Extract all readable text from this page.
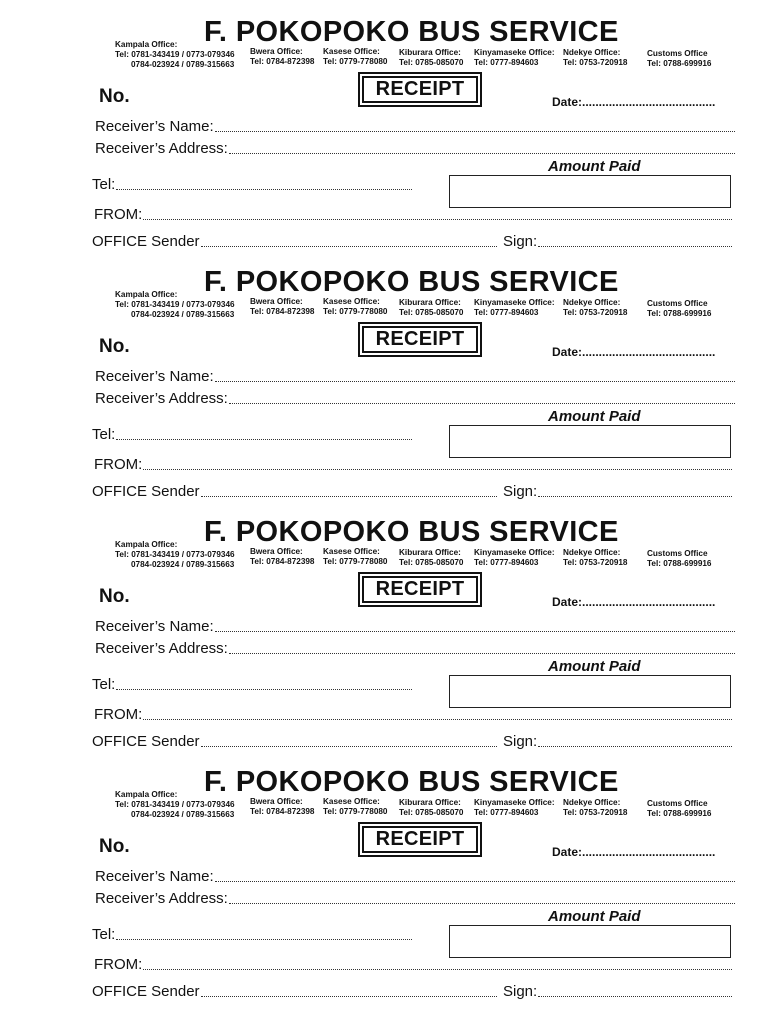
F. POKOPOKO BUS SERVICE
Kampala Office:
Tel: 0781-343419 / 0773-079346
0784-023924 / 0789-315663
Bwera Office:
Tel: 0784-872398
Kasese Office:
Tel: 0779-778080
Kiburara Office:
Tel: 0785-085070
Kinyamaseke Office:
Tel: 0777-894603
Ndekye Office:
Tel: 0753-720918
Customs Office
Tel: 0788-699916
No.	RECEIPT
Date:........................................
Receiver’s Name:
Receiver’s Address:
Amount Paid
Tel:
FROM:
OFFICE Sender	Sign:
F. POKOPOKO BUS SERVICE
Kampala Office:
Tel: 0781-343419 / 0773-079346
0784-023924 / 0789-315663
Bwera Office:
Tel: 0784-872398
Kasese Office:
Tel: 0779-778080
Kiburara Office:
Tel: 0785-085070
Kinyamaseke Office:
Tel: 0777-894603
Ndekye Office:
Tel: 0753-720918
Customs Office
Tel: 0788-699916
No.	RECEIPT
Date:........................................
Receiver’s Name:
Receiver’s Address:
Amount Paid
Tel:
FROM:
OFFICE Sender	Sign:
F. POKOPOKO BUS SERVICE
Kampala Office:
Tel: 0781-343419 / 0773-079346
0784-023924 / 0789-315663
Bwera Office:
Tel: 0784-872398
Kasese Office:
Tel: 0779-778080
Kiburara Office:
Tel: 0785-085070
Kinyamaseke Office:
Tel: 0777-894603
Ndekye Office:
Tel: 0753-720918
Customs Office
Tel: 0788-699916
No.	RECEIPT
Date:........................................
Receiver’s Name:
Receiver’s Address:
Amount Paid
Tel:
FROM:
OFFICE Sender	Sign:
F. POKOPOKO BUS SERVICE
Kampala Office:
Tel: 0781-343419 / 0773-079346
0784-023924 / 0789-315663
Bwera Office:
Tel: 0784-872398
Kasese Office:
Tel: 0779-778080
Kiburara Office:
Tel: 0785-085070
Kinyamaseke Office:
Tel: 0777-894603
Ndekye Office:
Tel: 0753-720918
Customs Office
Tel: 0788-699916
No.	RECEIPT
Date:........................................
Receiver’s Name:
Receiver’s Address:
Amount Paid
Tel:
FROM:
OFFICE Sender	Sign:
